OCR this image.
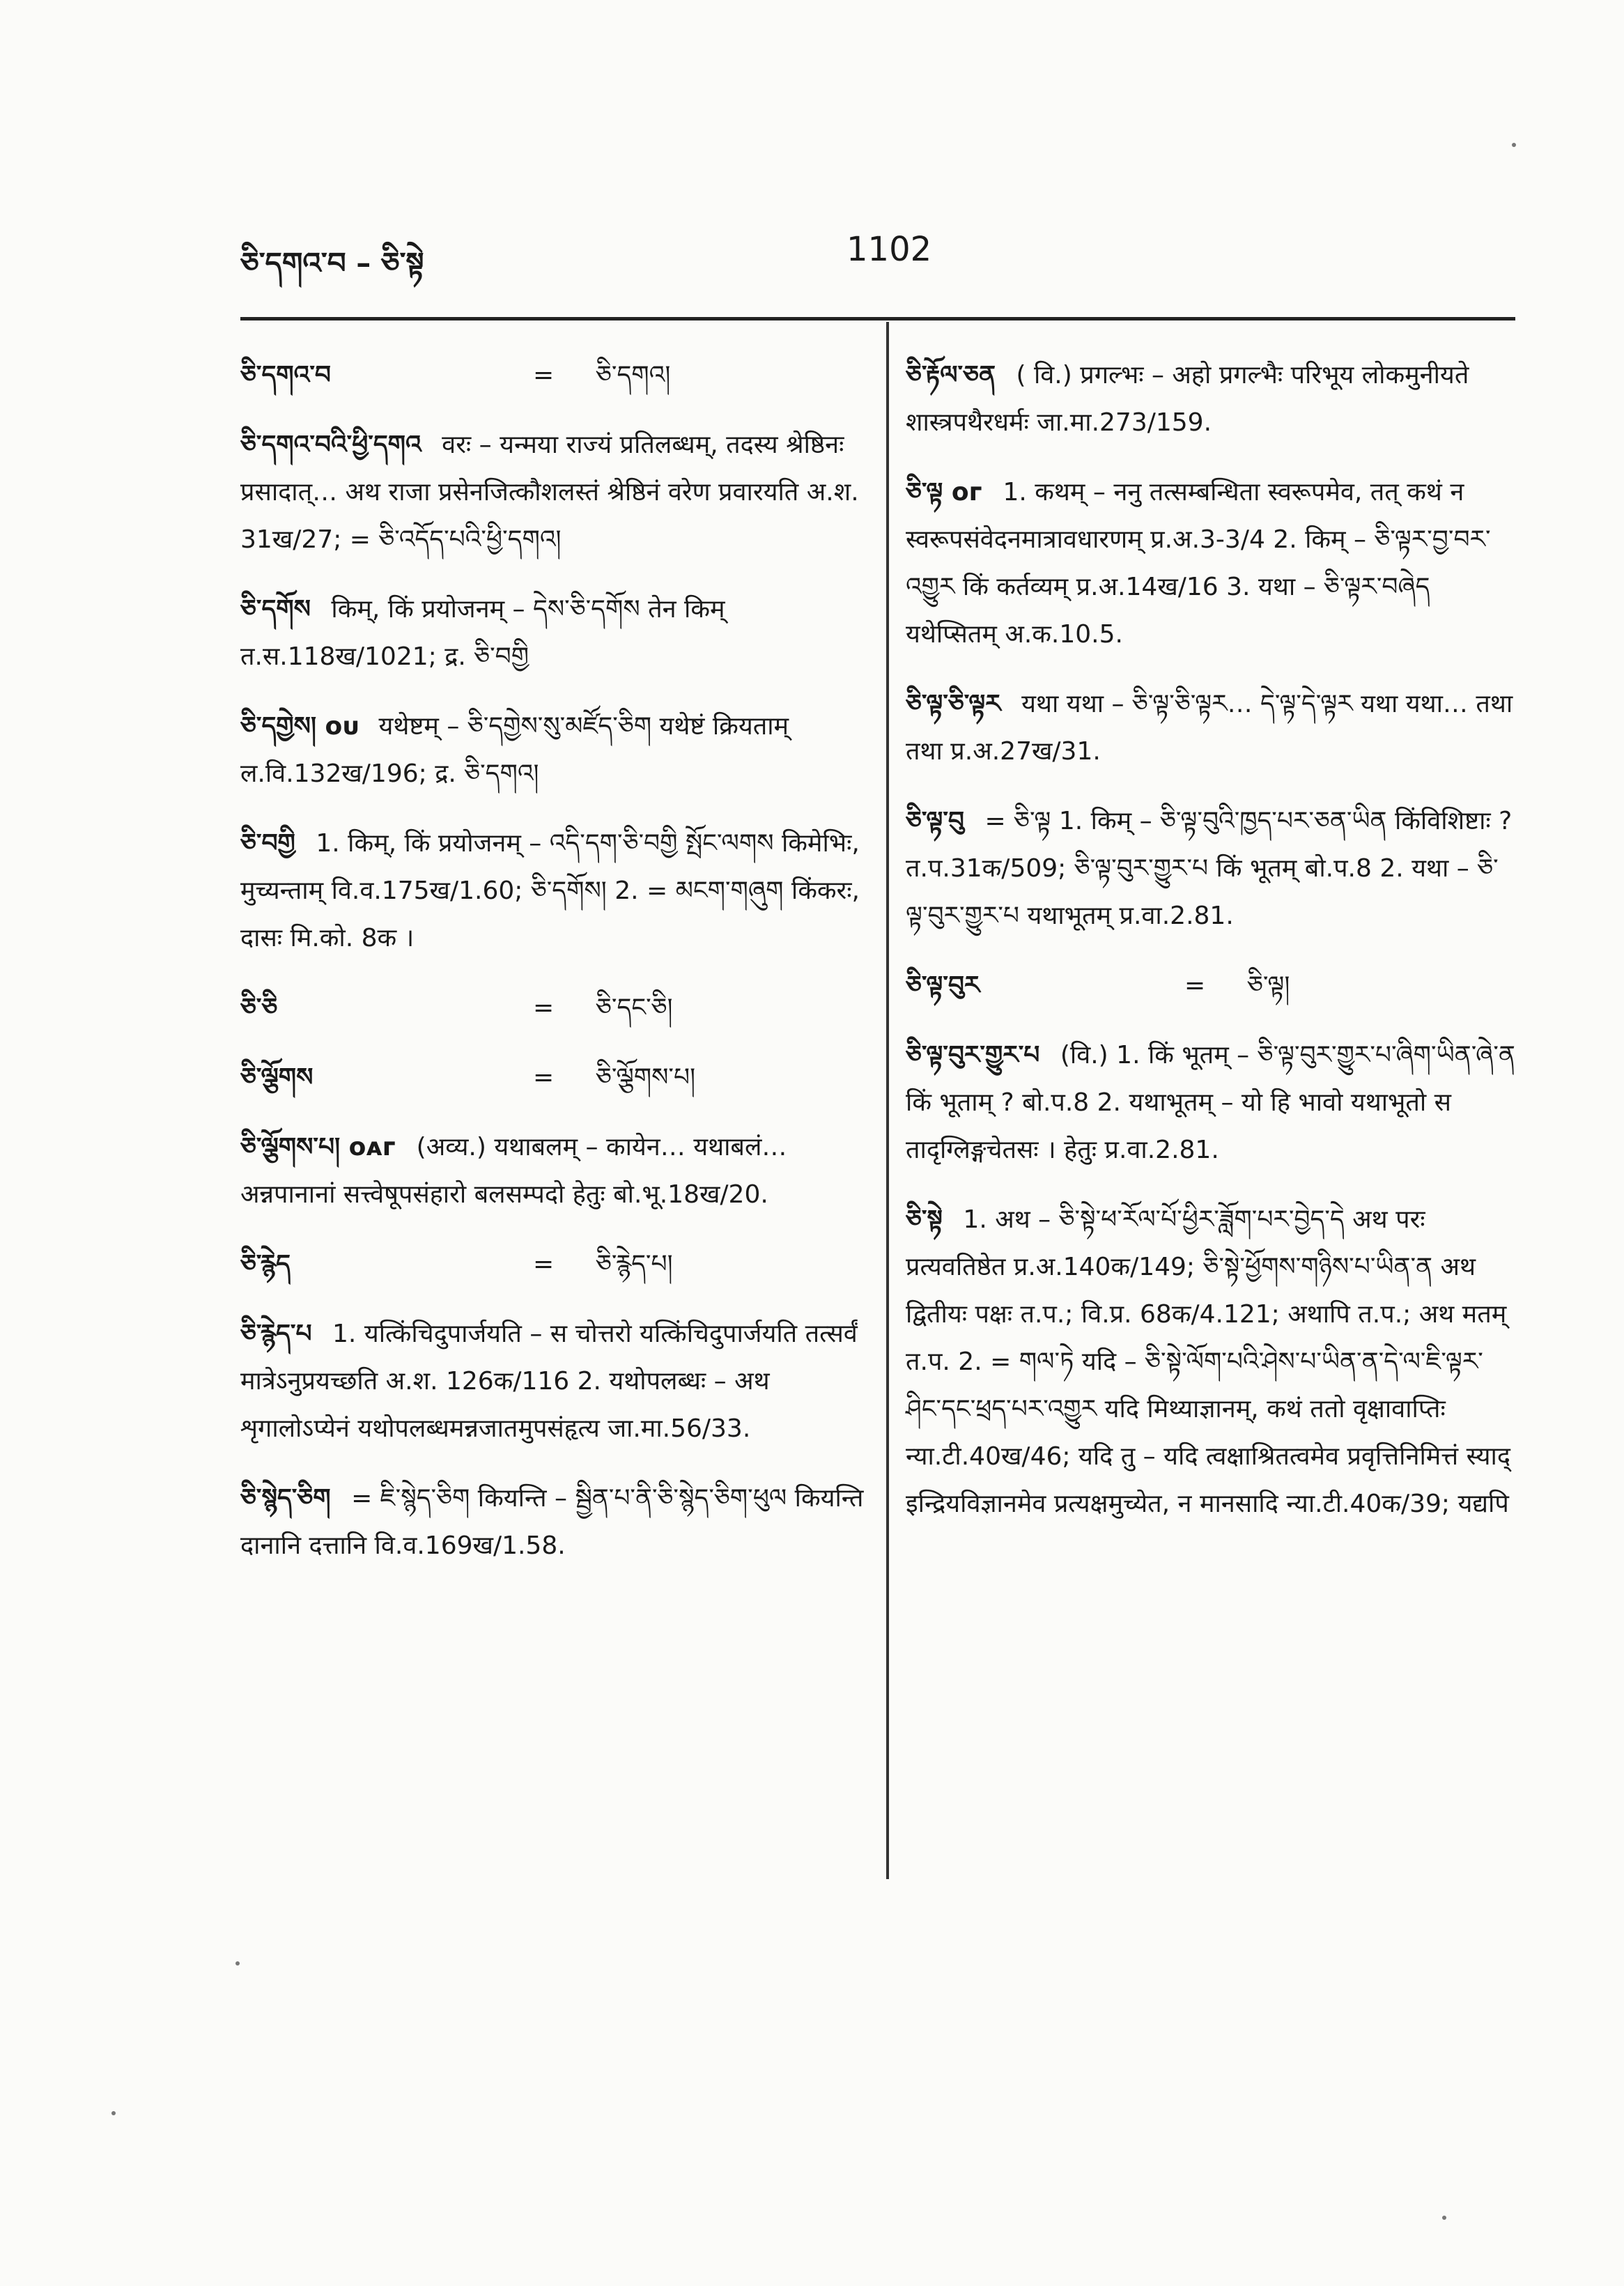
ཅི་དགའ་བ – ཅི་སྟེ	1102
ཅི་དགའ་བ	=	ཅི་དགའ།
ཅི་དགའ་བའི་ཕྱི་དགའ वरः – यन्मया राज्यं प्रतिलब्धम्, तदस्य श्रेष्ठिनः प्रसादात्… अथ राजा प्रसेनजित्कौशलस्तं श्रेष्ठिनं वरेण प्रवारयति अ.श. 31ख/27; = ཅི་འདོད་པའི་ཕྱི་དགའ།
ཅི་དགོས किम्, किं प्रयोजनम् – དེས་ཅི་དགོས तेन किम् त.स.118ख/1021; द्र. ཅི་བགྱི
ཅི་དགྱེས། ᴏᴜ यथेष्टम् – ཅི་དགྱེས་སུ་མཛོད་ཅིག यथेष्टं क्रियताम् ल.वि.132ख/196; द्र. ཅི་དགའ།
ཅི་བགྱི 1. किम्, किं प्रयोजनम् – འདི་དག་ཅི་བགྱི སྤོང་ལགས किमेभिः, मुच्यन्ताम् वि.व.175ख/1.60; ཅི་དགོས། 2. = མངག་གཞུག किंकरः, दासः मि.को. 8क ।
ཅི་ཅི	=	ཅི་དང་ཅི།
ཅི་ལྕོགས	=	ཅི་ལྕོགས་པ།
ཅི་ལྕོགས་པ། ᴏᴀᴦ (अव्य.) यथाबलम् – कायेन… यथाबलं… अन्नपानानां सत्त्वेषूपसंहारो बलसम्पदो हेतुः बो.भू.18ख/20.
ཅི་རྙེད	=	ཅི་རྙེད་པ།
ཅི་རྙེད་པ 1. यत्किंचिदुपार्जयति – स चोत्तरो यत्किंचिदुपार्जयति तत्सर्वं मात्रेऽनुप्रयच्छति अ.श. 126क/116 2. यथोपलब्धः – अथ शृगालोऽप्येनं यथोपलब्धमन्नजातमुपसंहृत्य जा.मा.56/33.
ཅི་སྙེད་ཅིག = ཇི་སྙེད་ཅིག कियन्ति – སྦྱིན་པ་ནི་ཅི་སྙེད་ཅིག་ཕུལ कियन्ति दानानि दत्तानि वि.व.169ख/1.58.
ཅི་རྟོལ་ཅན ( वि.) प्रगल्भः – अहो प्रगल्भैः परिभूय लोकमुनीयते शास्त्रपथैरधर्मः जा.मा.273/159.
ཅི་ལྟ ᴏᴦ 1. कथम् – ननु तत्सम्बन्धिता स्वरूपमेव, तत् कथं न स्वरूपसंवेदनमात्रावधारणम् प्र.अ.3-3/4 2. किम् – ཅི་ལྟར་བྱ་བར་འགྱུར किं कर्तव्यम् प्र.अ.14ख/16 3. यथा – ཅི་ལྟར་བཞེད यथेप्सितम् अ.क.10.5.
ཅི་ལྟ་ཅི་ལྟར यथा यथा – ཅི་ལྟ་ཅི་ལྟར… དེ་ལྟ་དེ་ལྟར यथा यथा… तथा तथा प्र.अ.27ख/31.
ཅི་ལྟ་བུ = ཅི་ལྟ 1. किम् – ཅི་ལྟ་བུའི་ཁྱད་པར་ཅན་ཡིན किंविशिष्टाः ? त.प.31क/509; ཅི་ལྟ་བུར་གྱུར་པ किं भूतम् बो.प.8 2. यथा – ཅི་ལྟ་བུར་གྱུར་པ यथाभूतम् प्र.वा.2.81.
ཅི་ལྟ་བུར	=	ཅི་ལྟ།
ཅི་ལྟ་བུར་གྱུར་པ (वि.) 1. किं भूतम् – ཅི་ལྟ་བུར་གྱུར་པ་ཞིག་ཡིན་ཞེ་ན किं भूताम् ? बो.प.8 2. यथाभूतम् – यो हि भावो यथाभूतो स तादृग्लिङ्गचेतसः । हेतुः प्र.वा.2.81.
ཅི་སྟེ 1. अथ – ཅི་སྟེ་ཕ་རོལ་པོ་ཕྱིར་ཟློག་པར་བྱེད་དེ अथ परः प्रत्यवतिष्ठेत प्र.अ.140क/149; ཅི་སྟེ་ཕྱོགས་གཉིས་པ་ཡིན་ན अथ द्वितीयः पक्षः त.प.; वि.प्र. 68क/4.121; अथापि त.प.; अथ मतम् त.प. 2. = གལ་ཏེ यदि – ཅི་སྟེ་ལོག་པའི་ཤེས་པ་ཡིན་ན་དེ་ལ་ཇི་ལྟར་ཤིང་དང་ཕྲད་པར་འགྱུར यदि मिथ्याज्ञानम्, कथं ततो वृक्षावाप्तिः न्या.टी.40ख/46; यदि तु – यदि त्वक्षाश्रितत्वमेव प्रवृत्तिनिमित्तं स्याद् इन्द्रियविज्ञानमेव प्रत्यक्षमुच्येत, न मानसादि न्या.टी.40क/39; यद्यपि
